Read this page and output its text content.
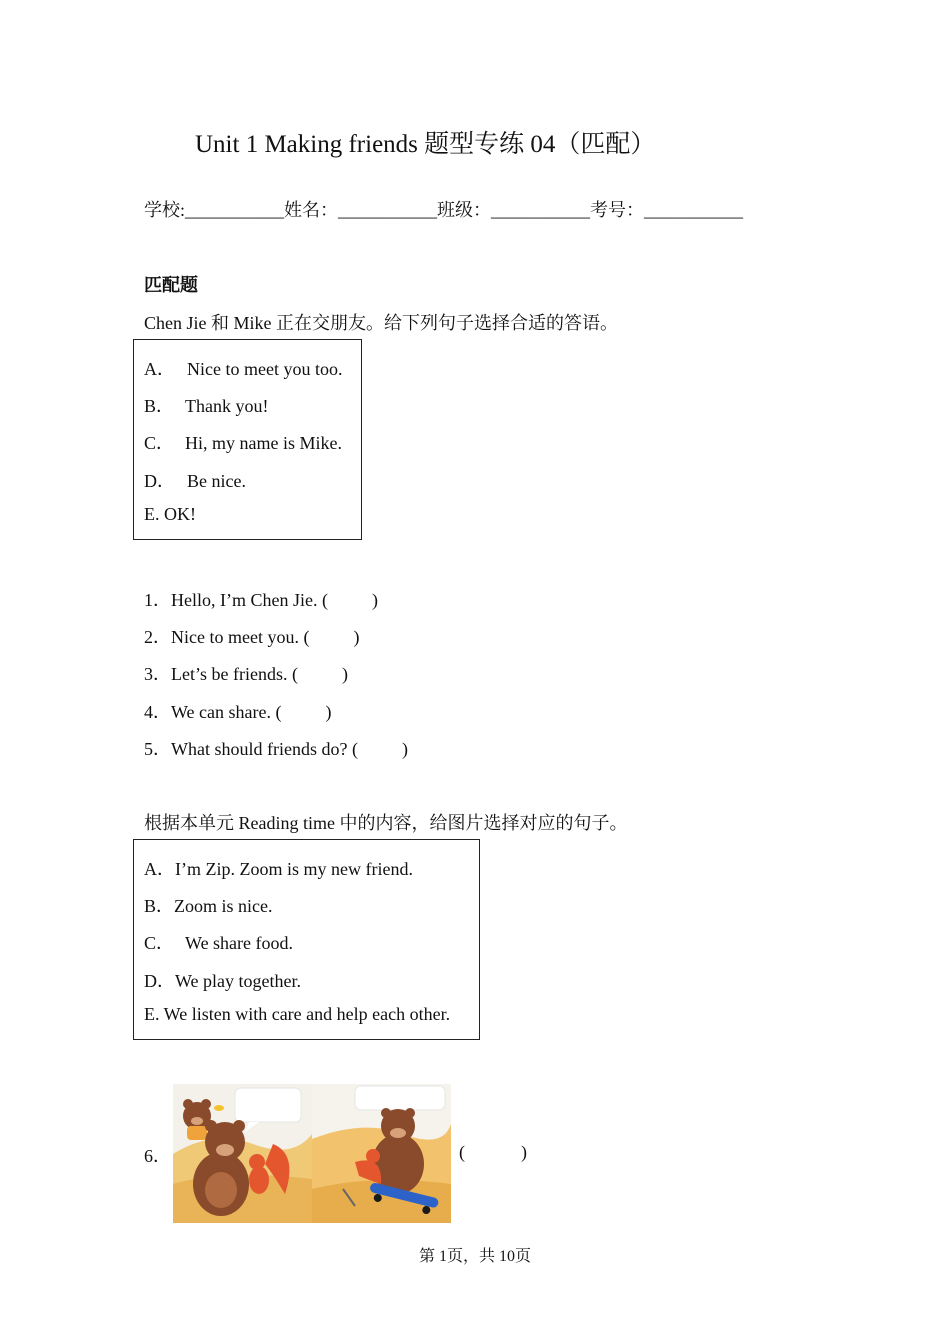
Unit 1 Making friends 题型专练 04（匹配）
学校:___________姓名：___________班级：___________考号：___________
匹配题
Chen Jie 和 Mike 正在交朋友。给下列句子选择合适的答语。
A． Nice to meet you too.
B． Thank you!
C． Hi, my name is Mike.
D． Be nice.
E. OK!
1．Hello, I’m Chen Jie. ( )
2．Nice to meet you. ( )
3．Let’s be friends. ( )
4．We can share. ( )
5．What should friends do? ( )
根据本单元 Reading time 中的内容，给图片选择对应的句子。
A．I’m Zip. Zoom is my new friend.
B．Zoom is nice.
C． We share food.
D．We play together.
E. We listen with care and help each other.
6．	(	)
第 1页，共 10页
